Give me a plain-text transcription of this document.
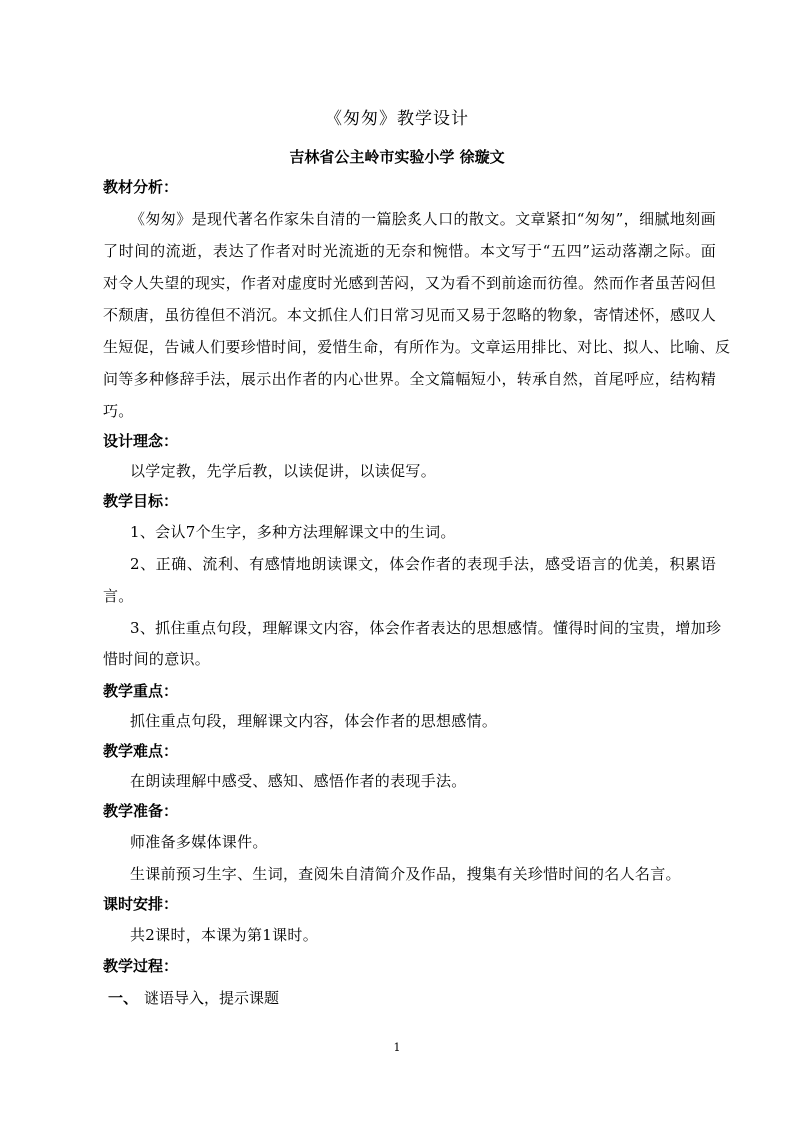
《匆匆》教学设计
吉林省公主岭市实验小学 徐璇文
教材分析：
《匆匆》是现代著名作家朱自清的一篇脍炙人口的散文。文章紧扣“匆匆”，细腻地刻画
了时间的流逝，表达了作者对时光流逝的无奈和惋惜。本文写于“五四”运动落潮之际。面
对令人失望的现实，作者对虚度时光感到苦闷，又为看不到前途而彷徨。然而作者虽苦闷但
不颓唐，虽彷徨但不消沉。本文抓住人们日常习见而又易于忽略的物象，寄情述怀，感叹人
生短促，告诫人们要珍惜时间，爱惜生命，有所作为。文章运用排比、对比、拟人、比喻、反
问等多种修辞手法，展示出作者的内心世界。全文篇幅短小，转承自然，首尾呼应，结构精
巧。
设计理念：
以学定教，先学后教，以读促讲，以读促写。
教学目标：
1、会认7个生字，多种方法理解课文中的生词。
2、正确、流利、有感情地朗读课文，体会作者的表现手法，感受语言的优美，积累语
言。
3、抓住重点句段，理解课文内容，体会作者表达的思想感情。懂得时间的宝贵，增加珍
惜时间的意识。
教学重点：
抓住重点句段，理解课文内容，体会作者的思想感情。
教学难点：
在朗读理解中感受、感知、感悟作者的表现手法。
教学准备：
师准备多媒体课件。
生课前预习生字、生词，查阅朱自清简介及作品，搜集有关珍惜时间的名人名言。
课时安排：
共2课时，本课为第1课时。
教学过程：
一、 谜语导入，提示课题
1
